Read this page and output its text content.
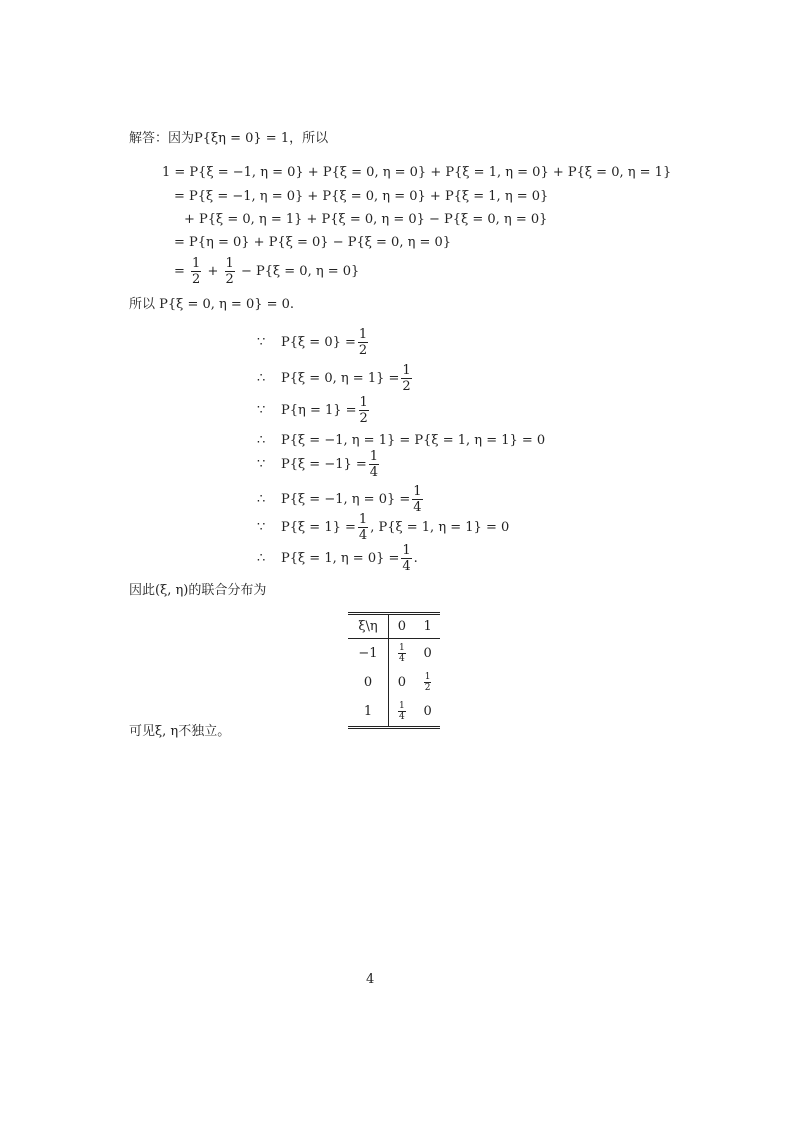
解答：因为P{ξη = 0} = 1，所以
1 = P{ξ = −1, η = 0} + P{ξ = 0, η = 0} + P{ξ = 1, η = 0} + P{ξ = 0, η = 1}
= P{ξ = −1, η = 0} + P{ξ = 0, η = 0} + P{ξ = 1, η = 0}
+ P{ξ = 0, η = 1} + P{ξ = 0, η = 0} − P{ξ = 0, η = 0}
= P{η = 0} + P{ξ = 0} − P{ξ = 0, η = 0}
= $\frac{1}{2} + \frac{1}{2} - P\{\xi = 0$, η = 0}
所以 P{ξ = 0, η = 0} = 0.
∵ $P\{\xi = 0\} = \frac{1}{2}$
∴ P{ξ = 0, $\eta = 1\} = \frac{1}{2}$
∵ $P\{\eta = 1\} = \frac{1}{2}$
∴ P{ξ = −1, η = 1} = P{ξ = 1, η = 1} = 0
∵ $P\{\xi = -1\} = \frac{1}{4}$
∴ P{ξ = −1, $\eta = 0\} = \frac{1}{4}$
∵ $P\{\xi = 1\} = \frac{1}{4}$ , P{ξ = 1, η = 1} = 0
∴ P{ξ = 1, $\eta = 0\} = \frac{1}{4}$ .
因此(ξ, η)的联合分布为
ξ\η	0	1
−1	$\frac{1}{4}$	0
0	0	$\frac{1}{2}$

1	$\frac{1}{4}$	0
可见ξ, η不独立。
4
